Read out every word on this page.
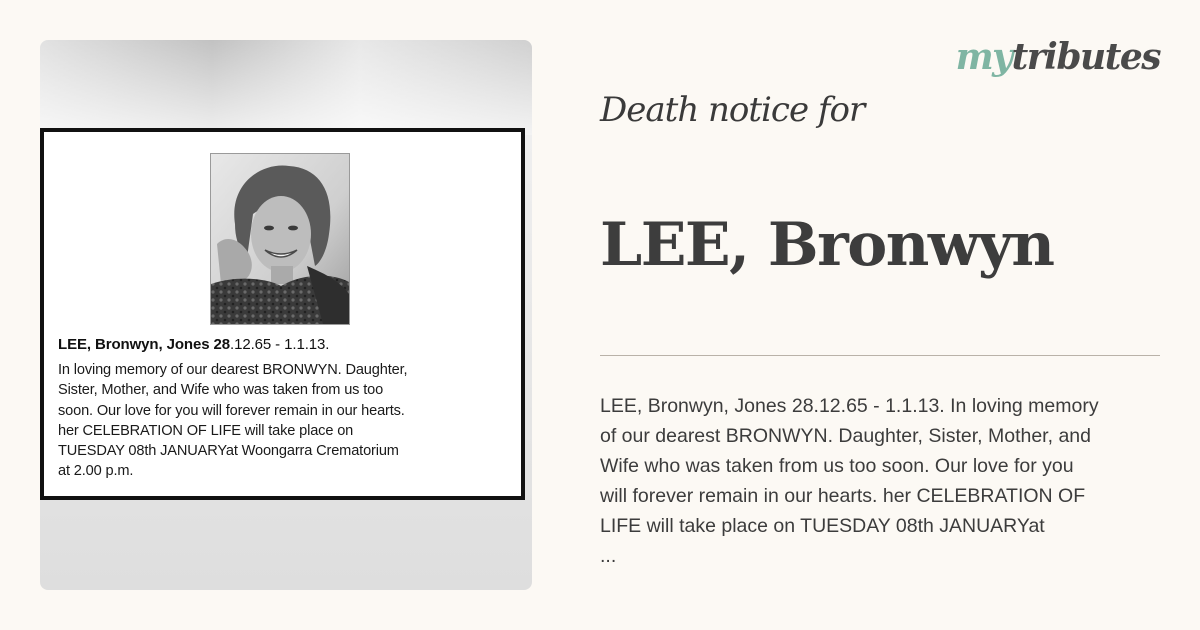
LEE, Bronwyn, Jones 28.12.65 - 1.1.13.
In loving memory of our dearest BRONWYN. Daughter,
Sister, Mother, and Wife who was taken from us too
soon. Our love for you will forever remain in our hearts.
her CELEBRATION OF LIFE will take place on
TUESDAY 08th JANUARYat Woongarra Crematorium
at 2.00 p.m.
mytributes
Death notice for
LEE, Bronwyn
LEE, Bronwyn, Jones 28.12.65 - 1.1.13. In loving memory
of our dearest BRONWYN. Daughter, Sister, Mother, and
Wife who was taken from us too soon. Our love for you
will forever remain in our hearts. her CELEBRATION OF
LIFE will take place on TUESDAY 08th JANUARYat
...
